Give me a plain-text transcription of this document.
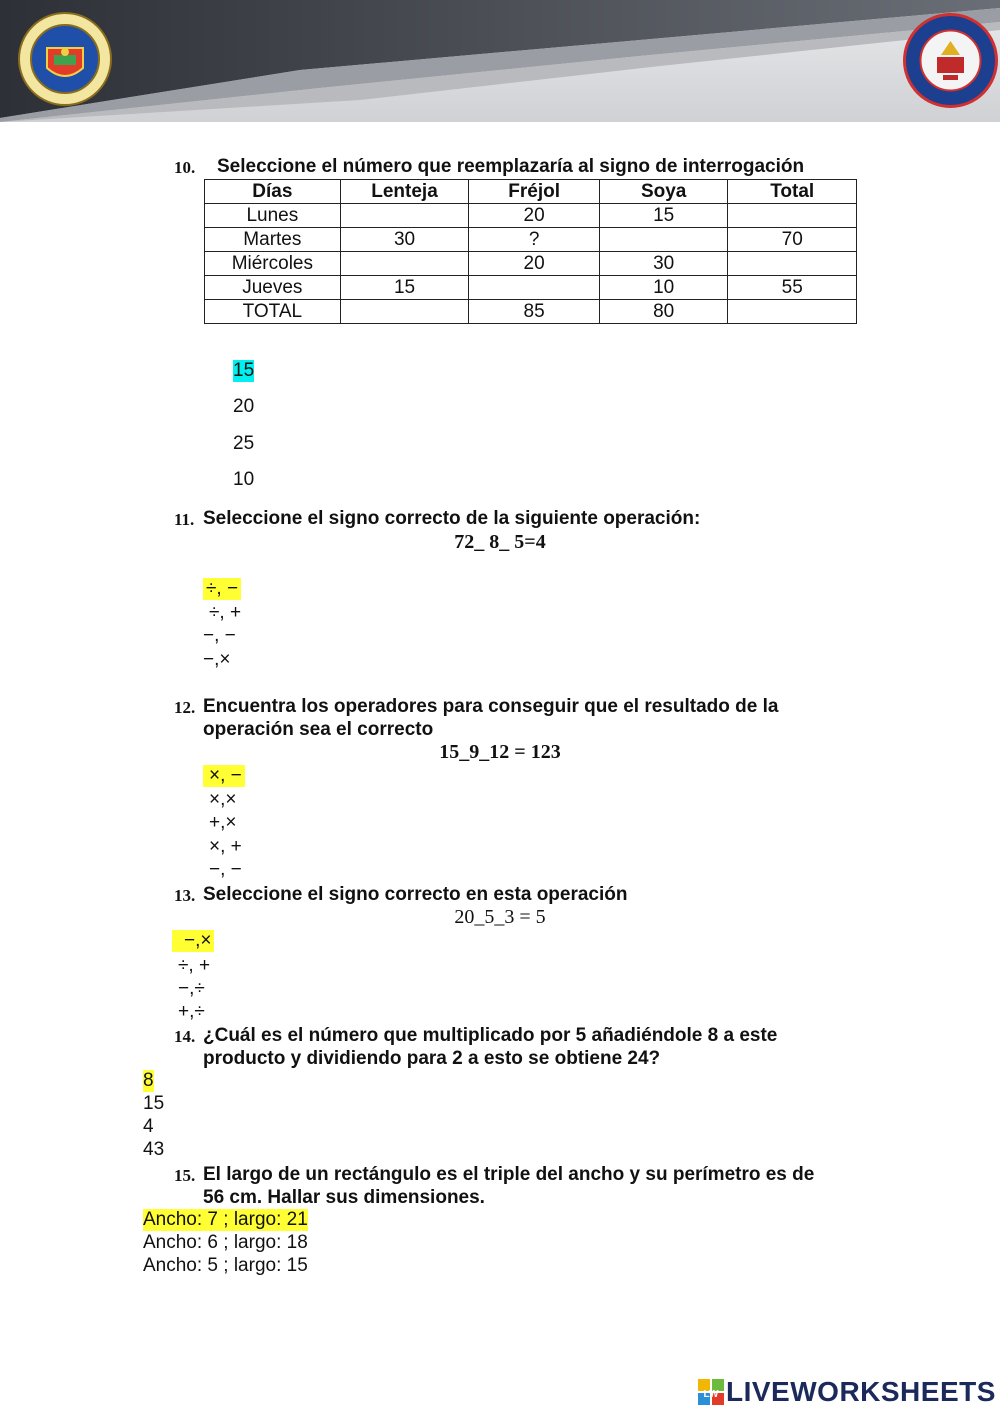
10. Seleccione el número que reemplazaría al signo de interrogación
Días	Lenteja	Fréjol	Soya	Total
Lunes		20	15	
Martes	30	?		70
Miércoles		20	30	
Jueves	15		10	55
TOTAL		85	80	
15
20
25
10
11. Seleccione el signo correcto de la siguiente operación:
72_ 8_ 5=4
÷, −
÷, +
−, −
−,×
12. Encuentra los operadores para conseguir que el resultado de la
operación sea el correcto
15_9_12 = 123
×, −
×,×
+,×
×, +
−, −
13. Seleccione el signo correcto en esta operación
20_5_3 = 5
−,×
÷, +
−,÷
+,÷
14. ¿Cuál es el número que multiplicado por 5 añadiéndole 8 a este
producto y dividiendo para 2 a esto se obtiene 24?
8
15
4
43
15. El largo de un rectángulo es el triple del ancho y su perímetro es de
56 cm. Hallar sus dimensiones.
Ancho: 7 ; largo: 21
Ancho: 6 ; largo: 18
Ancho: 5 ; largo: 15
LW LIVEWORKSHEETS
